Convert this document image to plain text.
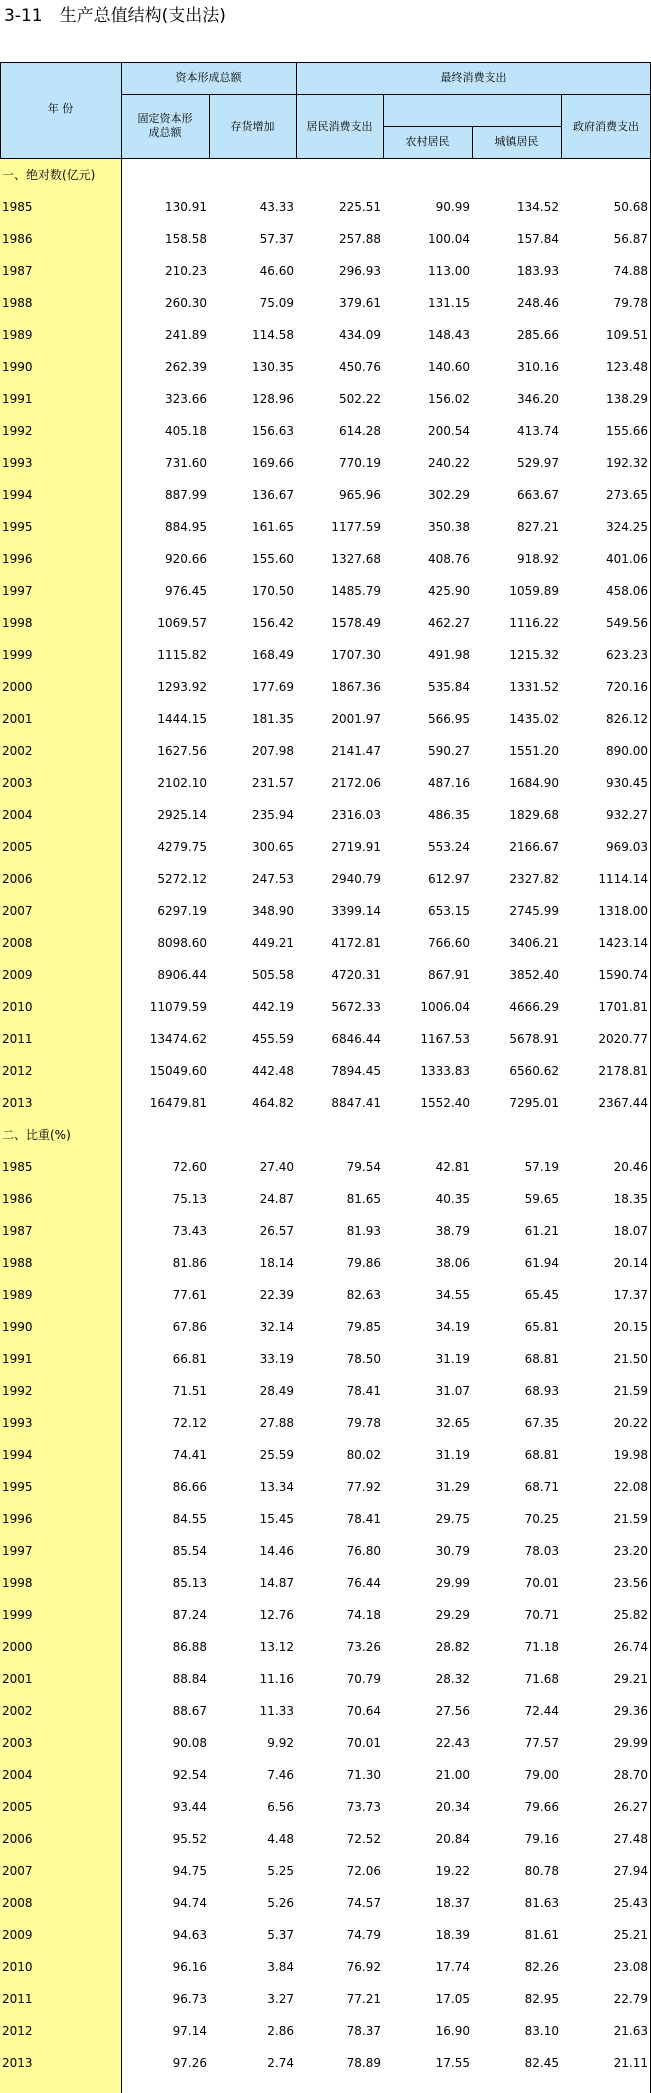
3-11　生产总值结构(支出法)
年 份
资本形成总额	最终消费支出
固定资本形成总额	存货增加	居民消费支出
农村居民	城镇居民
政府消费支出
一、绝对数(亿元)
1985	130.91	43.33	225.51	90.99	134.52	50.68
1986	158.58	57.37	257.88	100.04	157.84	56.87
1987	210.23	46.60	296.93	113.00	183.93	74.88
1988	260.30	75.09	379.61	131.15	248.46	79.78
1989	241.89	114.58	434.09	148.43	285.66	109.51
1990	262.39	130.35	450.76	140.60	310.16	123.48
1991	323.66	128.96	502.22	156.02	346.20	138.29
1992	405.18	156.63	614.28	200.54	413.74	155.66
1993	731.60	169.66	770.19	240.22	529.97	192.32
1994	887.99	136.67	965.96	302.29	663.67	273.65
1995	884.95	161.65	1177.59	350.38	827.21	324.25
1996	920.66	155.60	1327.68	408.76	918.92	401.06
1997	976.45	170.50	1485.79	425.90	1059.89	458.06
1998	1069.57	156.42	1578.49	462.27	1116.22	549.56
1999	1115.82	168.49	1707.30	491.98	1215.32	623.23
2000	1293.92	177.69	1867.36	535.84	1331.52	720.16
2001	1444.15	181.35	2001.97	566.95	1435.02	826.12
2002	1627.56	207.98	2141.47	590.27	1551.20	890.00
2003	2102.10	231.57	2172.06	487.16	1684.90	930.45
2004	2925.14	235.94	2316.03	486.35	1829.68	932.27
2005	4279.75	300.65	2719.91	553.24	2166.67	969.03
2006	5272.12	247.53	2940.79	612.97	2327.82	1114.14
2007	6297.19	348.90	3399.14	653.15	2745.99	1318.00
2008	8098.60	449.21	4172.81	766.60	3406.21	1423.14
2009	8906.44	505.58	4720.31	867.91	3852.40	1590.74
2010	11079.59	442.19	5672.33	1006.04	4666.29	1701.81
2011	13474.62	455.59	6846.44	1167.53	5678.91	2020.77
2012	15049.60	442.48	7894.45	1333.83	6560.62	2178.81
2013	16479.81	464.82	8847.41	1552.40	7295.01	2367.44
二、比重(%)
1985	72.60	27.40	79.54	42.81	57.19	20.46
1986	75.13	24.87	81.65	40.35	59.65	18.35
1987	73.43	26.57	81.93	38.79	61.21	18.07
1988	81.86	18.14	79.86	38.06	61.94	20.14
1989	77.61	22.39	82.63	34.55	65.45	17.37
1990	67.86	32.14	79.85	34.19	65.81	20.15
1991	66.81	33.19	78.50	31.19	68.81	21.50
1992	71.51	28.49	78.41	31.07	68.93	21.59
1993	72.12	27.88	79.78	32.65	67.35	20.22
1994	74.41	25.59	80.02	31.19	68.81	19.98
1995	86.66	13.34	77.92	31.29	68.71	22.08
1996	84.55	15.45	78.41	29.75	70.25	21.59
1997	85.54	14.46	76.80	30.79	78.03	23.20
1998	85.13	14.87	76.44	29.99	70.01	23.56
1999	87.24	12.76	74.18	29.29	70.71	25.82
2000	86.88	13.12	73.26	28.82	71.18	26.74
2001	88.84	11.16	70.79	28.32	71.68	29.21
2002	88.67	11.33	70.64	27.56	72.44	29.36
2003	90.08	9.92	70.01	22.43	77.57	29.99
2004	92.54	7.46	71.30	21.00	79.00	28.70
2005	93.44	6.56	73.73	20.34	79.66	26.27
2006	95.52	4.48	72.52	20.84	79.16	27.48
2007	94.75	5.25	72.06	19.22	80.78	27.94
2008	94.74	5.26	74.57	18.37	81.63	25.43
2009	94.63	5.37	74.79	18.39	81.61	25.21
2010	96.16	3.84	76.92	17.74	82.26	23.08
2011	96.73	3.27	77.21	17.05	82.95	22.79
2012	97.14	2.86	78.37	16.90	83.10	21.63
2013	97.26	2.74	78.89	17.55	82.45	21.11
